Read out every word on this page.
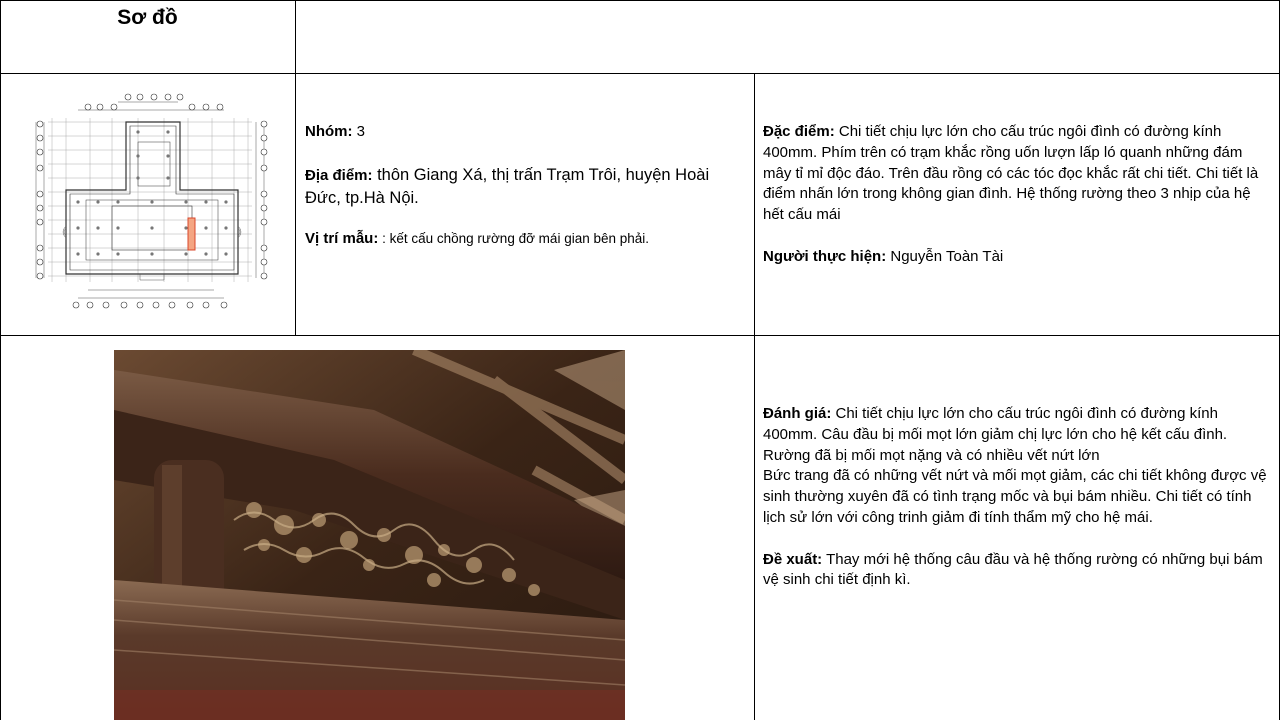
Sơ đồ

Nhóm: 3

Địa điểm: thôn Giang Xá, thị trấn Trạm Trôi, huyện Hoài Đức, tp.Hà Nội.

Vị trí mẫu: : kết cấu chồng rường đỡ mái gian bên phải.

Đặc điểm: Chi tiết chịu lực lớn cho cấu trúc ngôi đình có đường kính 400mm. Phím trên có trạm khắc rồng uốn lượn lấp ló quanh những đám mây tỉ mỉ độc đáo. Trên đầu rồng có các tóc đọc khắc rất chi tiết. Chi tiết là điểm nhấn lớn trong không gian đình. Hệ thống rường theo 3 nhịp của hệ hết cấu mái

Người thực hiện: Nguyễn Toàn Tài

Đánh giá: Chi tiết chịu lực lớn cho cấu trúc ngôi đình có đường kính 400mm. Câu đầu bị mối mọt lớn giảm chị lực lớn cho hệ kết cấu đình. Rường đã bị mối mọt nặng và có nhiều vết nứt lớn

Bức trang đã có những vết nứt và mối mọt giảm, các chi tiết không được vệ sinh thường xuyên đã có tình trạng mốc và bụi bám nhiều. Chi tiết có tính lịch sử lớn với công trinh giảm đi tính thẩm mỹ cho hệ mái.

Đề xuất: Thay mới hệ thống câu đầu và hệ thống rường có những bụi bám vệ sinh chi tiết định kì.
